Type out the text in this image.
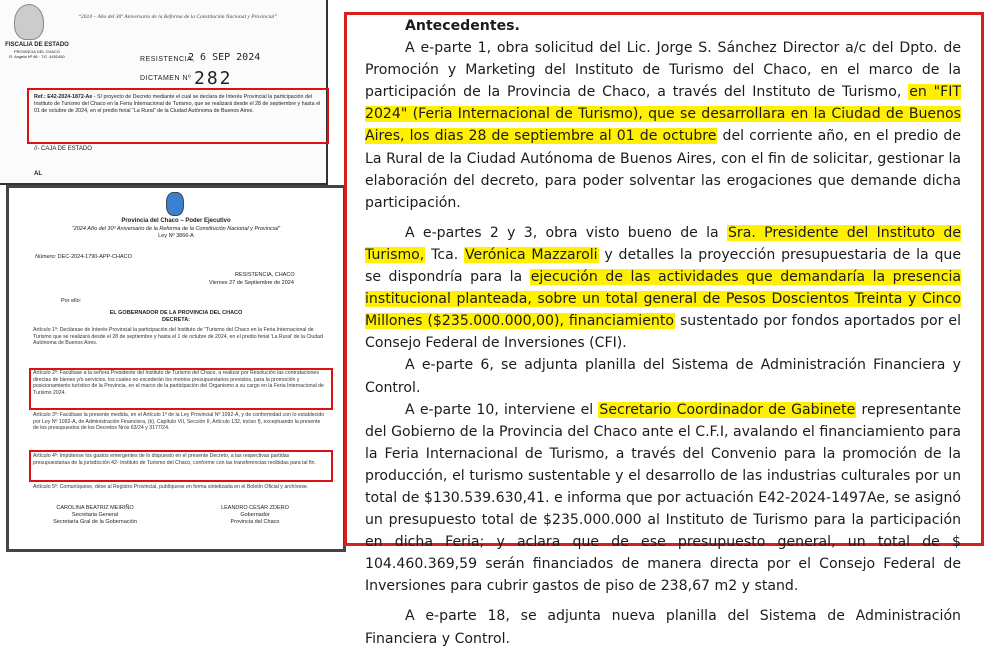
FISCALIA DE ESTADO
PROVINCIA DEL CHACO
R. Angela Nº 86 · T.E. 4452450
“2024 – Año del 30º Aniversario de la Reforma de la Constitución Nacional y Provincial”
RESISTENCIA,
2 6 SEP 2024
DICTAMEN Nº 282
Ref.: E42-2024-1872-Ae - S/ proyecto de Decreto mediante el cual se declara de Interés Provincial la participación del Instituto de Turismo del Chaco en la Feria Internacional de Turismo, que se realizará desde el 28 de septiembre y hasta el 01 de octubre de 2024, en el predio ferial “La Rural” de la Ciudad Autónoma de Buenos Aires.
//- CAJA DE ESTADO
AL
Provincia del Chaco – Poder Ejecutivo
“2024 Año del 30º Aniversario de la Reforma de la Constitución Nacional y Provincial”
Ley Nº 3866-A
Número: DEC-2024-1790-APP-CHACO
RESISTENCIA, CHACO
Viernes 27 de Septiembre de 2024
Por ello:
EL GOBERNADOR DE LA PROVINCIA DEL CHACO
DECRETA:
Artículo 1º: Declárase de Interés Provincial la participación del Instituto de "Turismo del Chaco en la Feria Internacional de Turismo que se realizará desde el 28 de septiembre y hasta el 1 de octubre de 2024, en el predio ferial 'La Rural' de la Ciudad Autónoma de Buenos Aires.
Artículo 2º: Facúltase a la señora Presidente del Instituto de Turismo del Chaco, a realizar por Resolución las contrataciones directas de bienes y/o servicios, los cuales no excederán los montos presupuestarios previstos, para la promoción y posicionamiento turístico de la Provincia, en el marco de la participación del Organismo a su cargo en la Feria Internacional de Turismo 2024.
Artículo 3º: Facúltase la presente medida, en el Artículo 1º de la Ley Provincial Nº 1092-A, y de conformidad con lo establecido por Ley Nº 1092-A, de Administración Financiera, (k), Capítulo VII, Sección II, Artículo 132, inciso f), exceptuando la presente de los presupuestos de los Decretos Nros 63/24 y 3177/24.
Artículo 4º: Impútense los gastos emergentes de lo dispuesto en el presente Decreto, a las respectivas partidas presupuestarias de la jurisdicción 42- Instituto de Turismo del Chaco, conforme con las transferencias recibidas para tal fin.
Artículo 5º: Comuníquese, dése al Registro Provincial, publíquese en forma sintetizada en el Boletín Oficial y archívese.
CAROLINA BEATRIZ MEIRIÑO
Secretaria General
Secretaría Gral de la Gobernación
LEANDRO CESAR ZDERO
Gobernador
Provincia del Chaco

Antecedentes.

A e-parte 1, obra solicitud del Lic. Jorge S. Sánchez Director a/c del Dpto. de Promoción y Marketing del Instituto de Turismo del Chaco, en el marco de la participación de la Provincia de Chaco, a través del Instituto de Turismo, en "FIT 2024" (Feria Internacional de Turismo), que se desarrollara en la Ciudad de Buenos Aires, los dias 28 de septiembre al 01 de octubre del corriente año, en el predio de La Rural de la Ciudad Autónoma de Buenos Aires, con el fin de solicitar, gestionar la elaboración del decreto, para poder solventar las erogaciones que demande dicha participación.

A e-partes 2 y 3, obra visto bueno de la Sra. Presidente del Instituto de Turismo, Tca. Verónica Mazzaroli y detalles la proyección presupuestaria de la que se dispondría para la ejecución de las actividades que demandaría la presencia institucional planteada, sobre un total general de Pesos Doscientos Treinta y Cinco Millones ($235.000.000,00), financiamiento sustentado por fondos aportados por el Consejo Federal de Inversiones (CFI).

A e-parte 6, se adjunta planilla del Sistema de Administración Financiera y Control.

A e-parte 10, interviene el Secretario Coordinador de Gabinete representante del Gobierno de la Provincia del Chaco ante el C.F.I, avalando el financiamiento para la Feria Internacional de Turismo, a través del Convenio para la promoción de la producción, el turismo sustentable y el desarrollo de las industrias culturales por un total de $130.539.630,41. e informa que por actuación E42-2024-1497Ae, se asignó un presupuesto total de $235.000.000 al Instituto de Turismo para la participación en dicha Feria; y aclara que de ese presupuesto general, un total de $ 104.460.369,59 serán financiados de manera directa por el Consejo Federal de Inversiones para cubrir gastos de piso de 238,67 m2 y stand.

A e-parte 18, se adjunta nueva planilla del Sistema de Administración Financiera y Control.
